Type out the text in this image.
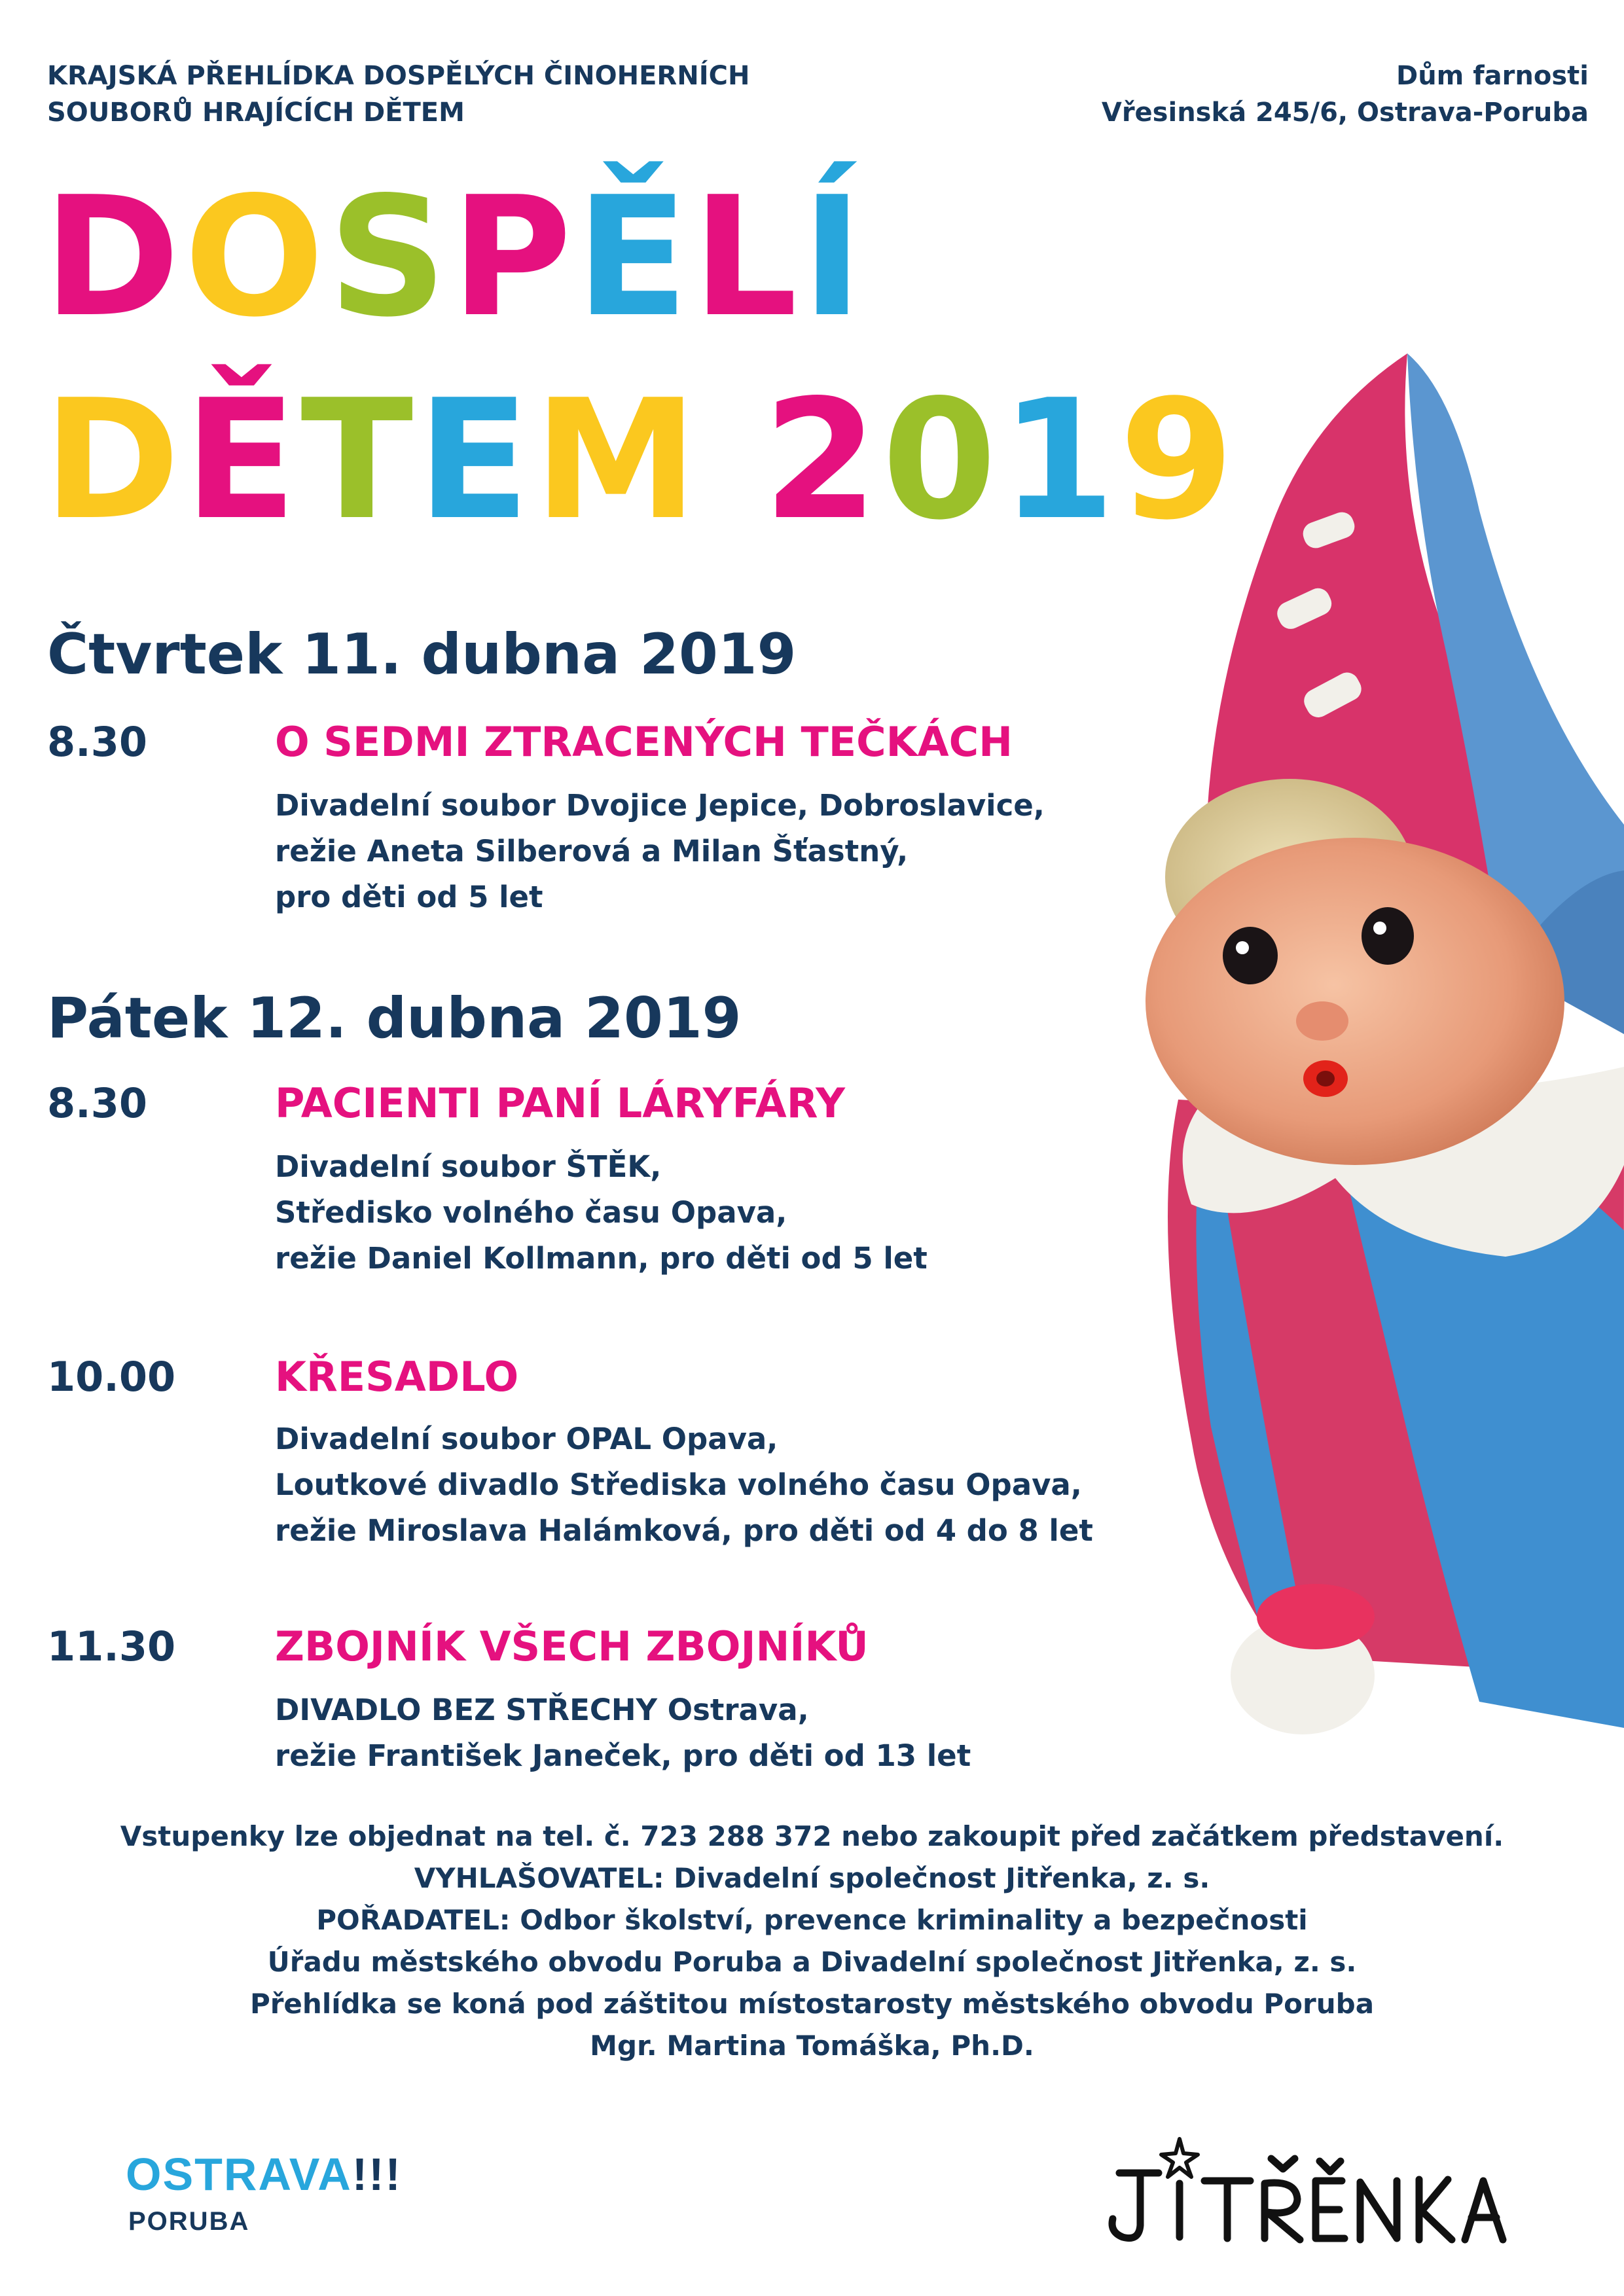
KRAJSKÁ PŘEHLÍDKA DOSPĚLÝCH ČINOHERNÍCH
SOUBORŮ HRAJÍCÍCH DĚTEM
Dům farnosti
Vřesinská 245/6, Ostrava-Poruba
DOSPĚLÍ
DĚTEM 2019
Čtvrtek 11. dubna 2019
8.30	O SEDMI ZTRACENÝCH TEČKÁCH
Divadelní soubor Dvojice Jepice, Dobroslavice,
režie Aneta Silberová a Milan Šťastný,
pro děti od 5 let
Pátek 12. dubna 2019
8.30	PACIENTI PANÍ LÁRYFÁRY
Divadelní soubor ŠTĚK,
Středisko volného času Opava,
režie Daniel Kollmann, pro děti od 5 let
10.00 KŘESADLO
Divadelní soubor OPAL Opava,
Loutkové divadlo Střediska volného času Opava,
režie Miroslava Halámková, pro děti od 4 do 8 let
11.30 ZBOJNÍK VŠECH ZBOJNÍKŮ
DIVADLO BEZ STŘECHY Ostrava,
režie František Janeček, pro děti od 13 let
Vstupenky lze objednat na tel. č. 723 288 372 nebo zakoupit před začátkem představení.
VYHLAŠOVATEL: Divadelní společnost Jitřenka, z. s.
POŘADATEL: Odbor školství, prevence kriminality a bezpečnosti
Úřadu městského obvodu Poruba a Divadelní společnost Jitřenka, z. s.
Přehlídka se koná pod záštitou místostarosty městského obvodu Poruba
Mgr. Martina Tomáška, Ph.D.
OSTRAVA!!!
PORUBA
